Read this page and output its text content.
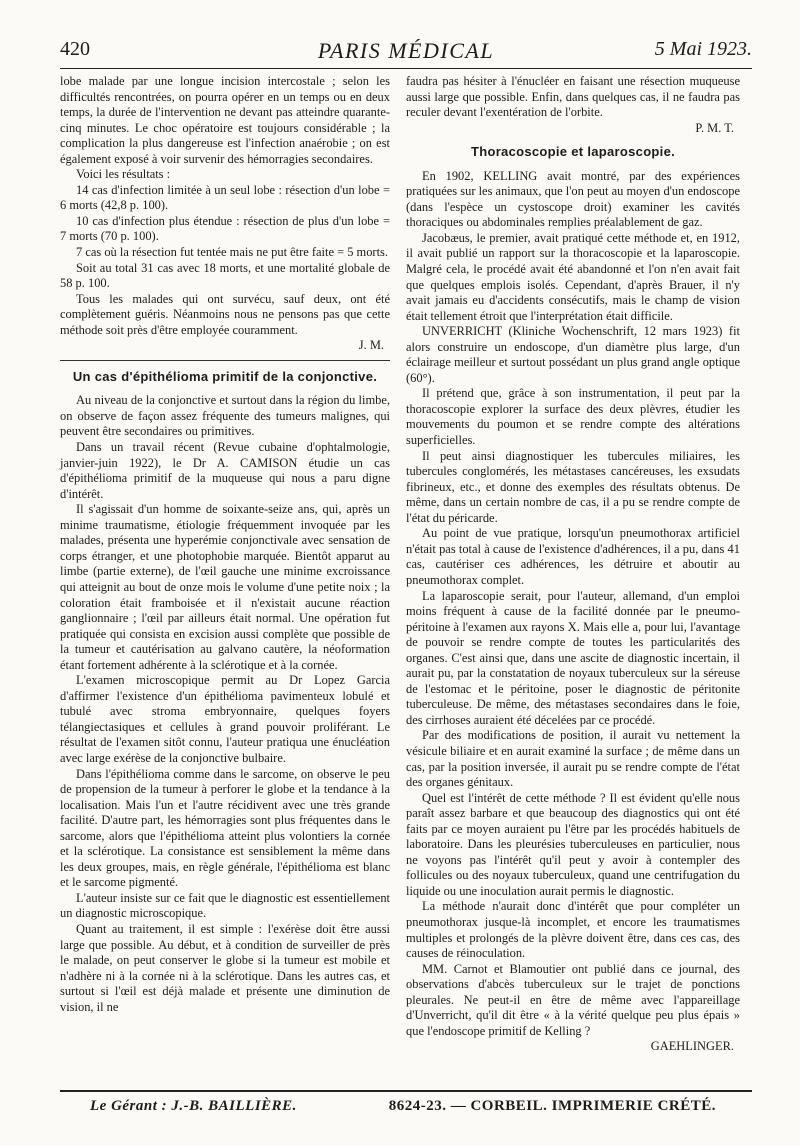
420	PARIS MÉDICAL	5 Mai 1923.

lobe malade par une longue incision intercostale ; selon les difficultés rencontrées, on pourra opérer en un temps ou en deux temps, la durée de l'intervention ne devant pas atteindre quarante-cinq minutes. Le choc opératoire est toujours considérable ; la complication la plus dangereuse est l'infection anaérobie ; on est également exposé à voir survenir des hémorragies secondaires.

Voici les résultats :

14 cas d'infection limitée à un seul lobe : résection d'un lobe = 6 morts (42,8 p. 100).

10 cas d'infection plus étendue : résection de plus d'un lobe = 7 morts (70 p. 100).

7 cas où la résection fut tentée mais ne put être faite = 5 morts.

Soit au total 31 cas avec 18 morts, et une mortalité globale de 58 p. 100.

Tous les malades qui ont survécu, sauf deux, ont été complètement guéris. Néanmoins nous ne pensons pas que cette méthode soit près d'être employée couramment.

J. M.

Un cas d'épithélioma primitif de la conjonctive.

Au niveau de la conjonctive et surtout dans la région du limbe, on observe de façon assez fréquente des tumeurs malignes, qui peuvent être secondaires ou primitives.

Dans un travail récent (Revue cubaine d'ophtalmologie, janvier-juin 1922), le Dr A. CAMISON étudie un cas d'épithélioma primitif de la muqueuse qui nous a paru digne d'intérêt.

Il s'agissait d'un homme de soixante-seize ans, qui, après un minime traumatisme, étiologie fréquemment invoquée par les malades, présenta une hyperémie conjonctivale avec sensation de corps étranger, et une photophobie marquée. Bientôt apparut au limbe (partie externe), de l'œil gauche une minime excroissance qui atteignit au bout de onze mois le volume d'une petite noix ; la coloration était framboisée et il n'existait aucune réaction ganglionnaire ; l'œil par ailleurs était normal. Une opération fut pratiquée qui consista en excision aussi complète que possible de la tumeur et cautérisation au galvano cautère, la néoformation étant fortement adhérente à la sclérotique et à la cornée.

L'examen microscopique permit au Dr Lopez Garcia d'affirmer l'existence d'un épithélioma pavimenteux lobulé et tubulé avec stroma embryonnaire, quelques foyers télangiectasiques et cellules à grand pouvoir proliférant. Le résultat de l'examen sitôt connu, l'auteur pratiqua une énucléation avec large exérèse de la conjonctive bulbaire.

Dans l'épithélioma comme dans le sarcome, on observe le peu de propension de la tumeur à perforer le globe et la tendance à la localisation. Mais l'un et l'autre récidivent avec une très grande facilité. D'autre part, les hémorragies sont plus fréquentes dans le sarcome, alors que l'épithélioma atteint plus volontiers la cornée et la sclérotique. La consistance est sensiblement la même dans les deux groupes, mais, en règle générale, l'épithélioma est blanc et le sarcome pigmenté.

L'auteur insiste sur ce fait que le diagnostic est essentiellement un diagnostic microscopique.

Quant au traitement, il est simple : l'exérèse doit être aussi large que possible. Au début, et à condition de surveiller de près le malade, on peut conserver le globe si la tumeur est mobile et n'adhère ni à la cornée ni à la sclérotique. Dans les autres cas, et surtout si l'œil est déjà malade et présente une diminution de vision, il ne

faudra pas hésiter à l'énucléer en faisant une résection muqueuse aussi large que possible. Enfin, dans quelques cas, il ne faudra pas reculer devant l'exentération de l'orbite.

P. M. T.

Thoracoscopie et laparoscopie.

En 1902, KELLING avait montré, par des expériences pratiquées sur les animaux, que l'on peut au moyen d'un endoscope (dans l'espèce un cystoscope droit) examiner les cavités thoraciques ou abdominales remplies préalablement de gaz.

Jacobæus, le premier, avait pratiqué cette méthode et, en 1912, il avait publié un rapport sur la thoracoscopie et la laparoscopie. Malgré cela, le procédé avait été abandonné et l'on n'en avait fait que quelques emplois isolés. Cependant, d'après Brauer, il n'y avait jamais eu d'accidents consécutifs, mais le champ de vision était tellement étroit que l'interprétation était difficile.

UNVERRICHT (Kliniche Wochenschrift, 12 mars 1923) fit alors construire un endoscope, d'un diamètre plus large, d'un éclairage meilleur et surtout possédant un plus grand angle optique (60°).

Il prétend que, grâce à son instrumentation, il peut par la thoracoscopie explorer la surface des deux plèvres, étudier les mouvements du poumon et se rendre compte des altérations superficielles.

Il peut ainsi diagnostiquer les tubercules miliaires, les tubercules conglomérés, les métastases cancéreuses, les exsudats fibrineux, etc., et donne des exemples des résultats obtenus. De même, dans un certain nombre de cas, il a pu se rendre compte de l'état du péricarde.

Au point de vue pratique, lorsqu'un pneumothorax artificiel n'était pas total à cause de l'existence d'adhérences, il a pu, dans 41 cas, cautériser ces adhérences, les détruire et aboutir au pneumothorax complet.

La laparoscopie serait, pour l'auteur, allemand, d'un emploi moins fréquent à cause de la facilité donnée par le pneumo-péritoine à l'examen aux rayons X. Mais elle a, pour lui, l'avantage de pouvoir se rendre compte de toutes les particularités des organes. C'est ainsi que, dans une ascite de diagnostic incertain, il aurait pu, par la constatation de noyaux tuberculeux sur la séreuse de l'estomac et le péritoine, poser le diagnostic de péritonite tuberculeuse. De même, des métastases secondaires dans le foie, des cirrhoses auraient été décelées par ce procédé.

Par des modifications de position, il aurait vu nettement la vésicule biliaire et en aurait examiné la surface ; de même dans un cas, par la position inversée, il aurait pu se rendre compte de l'état des organes génitaux.

Quel est l'intérêt de cette méthode ? Il est évident qu'elle nous paraît assez barbare et que beaucoup des diagnostics qui ont été faits par ce moyen auraient pu l'être par les procédés habituels de laboratoire. Dans les pleurésies tuberculeuses en particulier, nous ne voyons pas l'intérêt qu'il peut y avoir à contempler des follicules ou des noyaux tuberculeux, quand une centrifugation du liquide ou une inoculation aurait permis le diagnostic.

La méthode n'aurait donc d'intérêt que pour compléter un pneumothorax jusque-là incomplet, et encore les traumatismes multiples et prolongés de la plèvre doivent être, dans ces cas, des causes de réinoculation.

MM. Carnot et Blamoutier ont publié dans ce journal, des observations d'abcès tuberculeux sur le trajet de ponctions pleurales. Ne peut-il en être de même avec l'appareillage d'Unverricht, qu'il dit être « à la vérité quelque peu plus épais » que l'endoscope primitif de Kelling ?

GAEHLINGER.

Le Gérant : J.-B. BAILLIÈRE.	8624-23. — CORBEIL. IMPRIMERIE CRÉTÉ.
